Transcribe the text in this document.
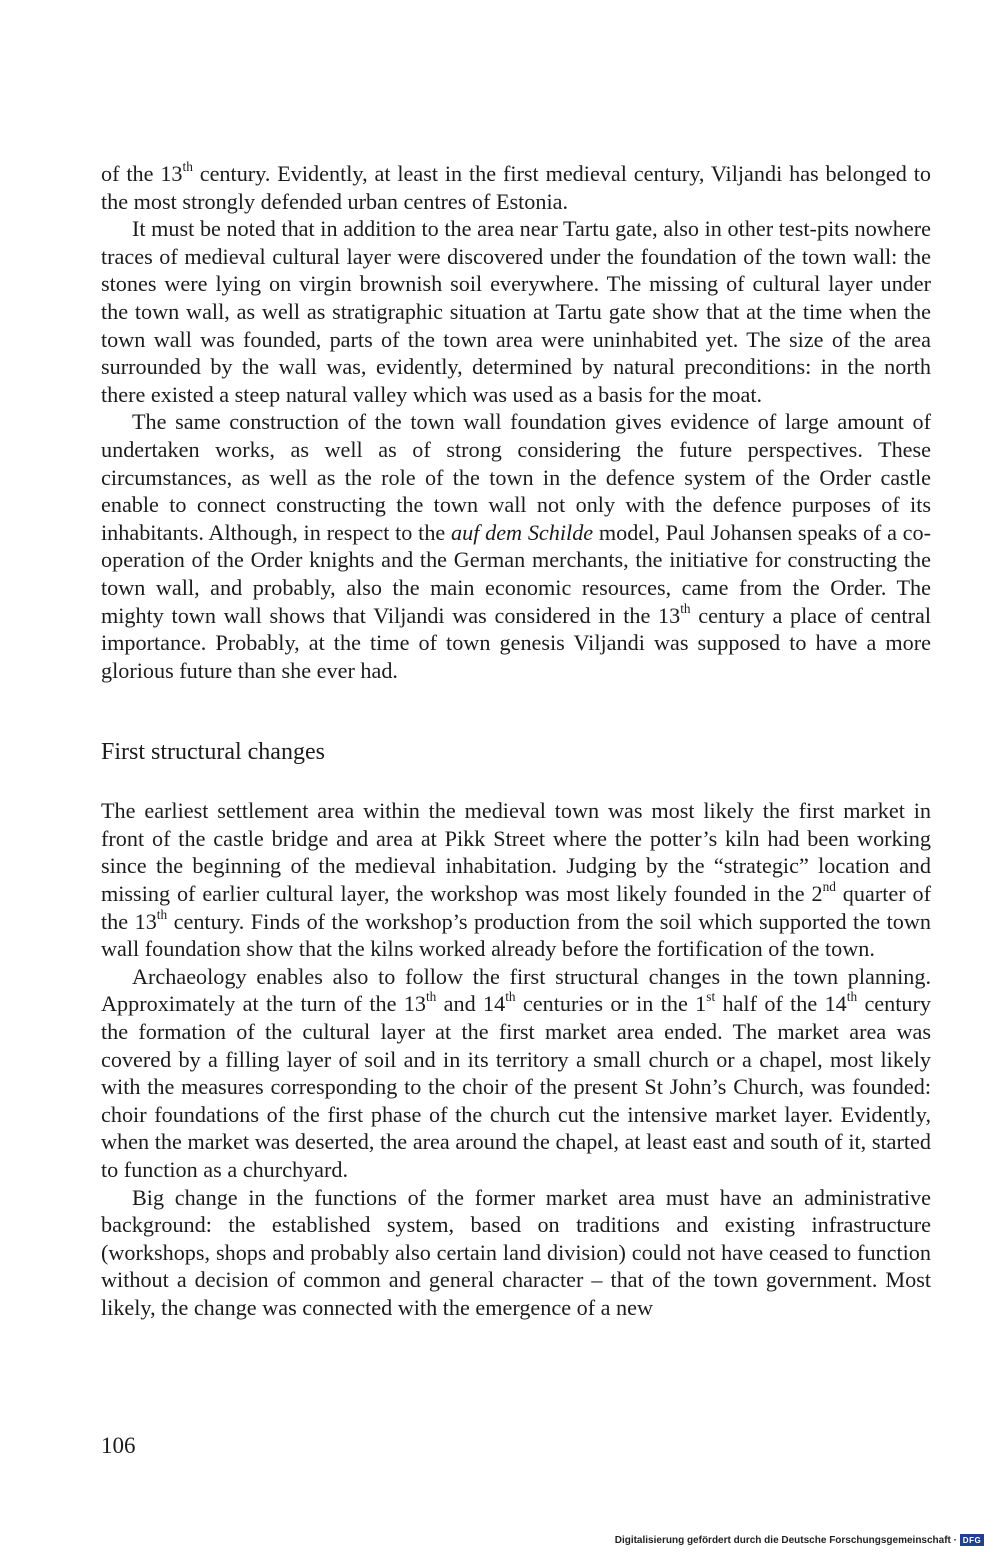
of the 13th century. Evidently, at least in the first medieval century, Viljandi has belonged to the most strongly defended urban centres of Estonia.

It must be noted that in addition to the area near Tartu gate, also in other test-pits nowhere traces of medieval cultural layer were discovered under the foundation of the town wall: the stones were lying on virgin brownish soil everywhere. The missing of cultural layer under the town wall, as well as stratigraphic situation at Tartu gate show that at the time when the town wall was founded, parts of the town area were uninhabited yet. The size of the area surrounded by the wall was, evidently, determined by natural preconditions: in the north there existed a steep natural valley which was used as a basis for the moat.

The same construction of the town wall foundation gives evidence of large amount of undertaken works, as well as of strong considering the future perspectives. These circumstances, as well as the role of the town in the defence system of the Order castle enable to connect constructing the town wall not only with the defence purposes of its inhabitants. Although, in respect to the auf dem Schilde model, Paul Johansen speaks of a co-operation of the Order knights and the German merchants, the initiative for constructing the town wall, and probably, also the main economic resources, came from the Order. The mighty town wall shows that Viljandi was considered in the 13th century a place of central importance. Probably, at the time of town genesis Viljandi was supposed to have a more glorious future than she ever had.

First structural changes

The earliest settlement area within the medieval town was most likely the first market in front of the castle bridge and area at Pikk Street where the potter’s kiln had been working since the beginning of the medieval inhabitation. Judging by the “strategic” location and missing of earlier cultural layer, the workshop was most likely founded in the 2nd quarter of the 13th century. Finds of the workshop’s production from the soil which supported the town wall foundation show that the kilns worked already before the fortification of the town.

Archaeology enables also to follow the first structural changes in the town planning. Approximately at the turn of the 13th and 14th centuries or in the 1st half of the 14th century the formation of the cultural layer at the first market area ended. The market area was covered by a filling layer of soil and in its territory a small church or a chapel, most likely with the measures corresponding to the choir of the present St John’s Church, was founded: choir foundations of the first phase of the church cut the intensive market layer. Evidently, when the market was deserted, the area around the chapel, at least east and south of it, started to function as a churchyard.

Big change in the functions of the former market area must have an administrative background: the established system, based on traditions and existing infrastructure (workshops, shops and probably also certain land division) could not have ceased to function without a decision of common and general character – that of the town government. Most likely, the change was connected with the emergence of a new

106
Digitalisierung gefördert durch die Deutsche Forschungsgemeinschaft · DFG
